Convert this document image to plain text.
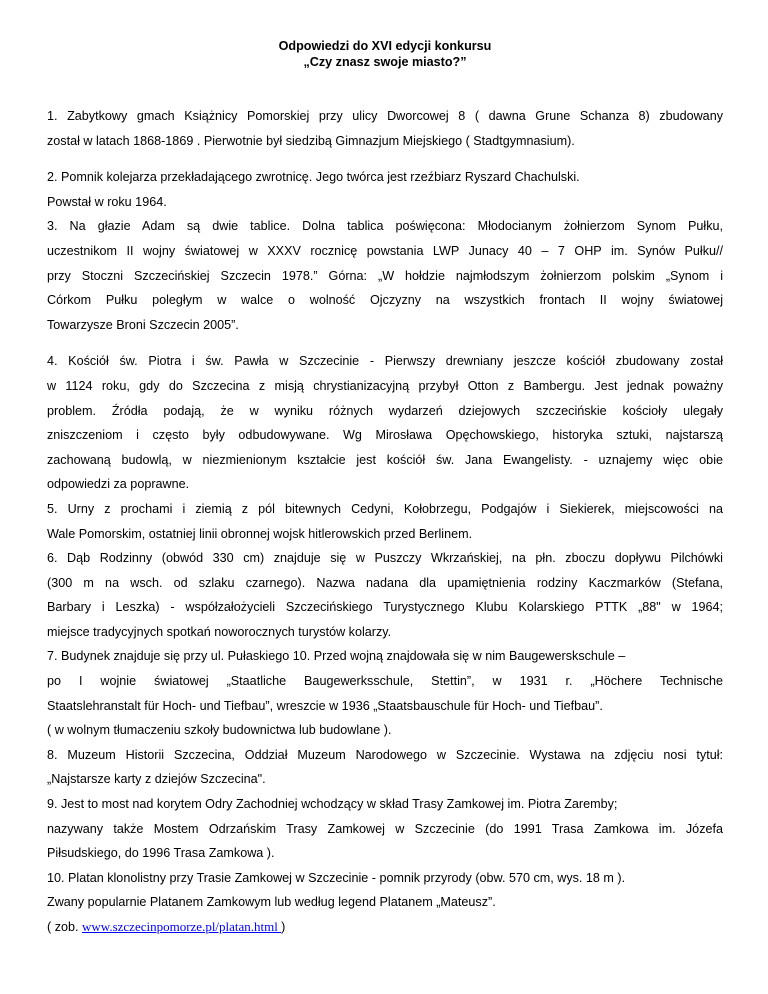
Odpowiedzi do XVI edycji konkursu
„Czy znasz swoje miasto?”
1. Zabytkowy gmach Książnicy Pomorskiej przy ulicy Dworcowej 8 ( dawna Grune Schanza 8) zbudowany
został w latach 1868-1869 . Pierwotnie był siedzibą Gimnazjum Miejskiego ( Stadtgymnasium).
2. Pomnik kolejarza przekładającego zwrotnicę. Jego twórca jest rzeźbiarz Ryszard Chachulski.
Powstał w roku 1964.
3. Na głazie Adam są dwie tablice. Dolna tablica poświęcona: Młodocianym żołnierzom Synom Pułku,
uczestnikom II wojny światowej w XXXV rocznicę powstania LWP Junacy 40 – 7 OHP im. Synów Pułku//
przy Stoczni Szczecińskiej Szczecin 1978.” Górna: „W hołdzie najmłodszym żołnierzom polskim „Synom i
Córkom Pułku poległym w walce o wolność Ojczyzny na wszystkich frontach II wojny światowej
Towarzysze Broni Szczecin 2005”.
4. Kościół św. Piotra i św. Pawła w Szczecinie - Pierwszy drewniany jeszcze kościół zbudowany został
w 1124 roku, gdy do Szczecina z misją chrystianizacyjną przybył Otton z Bambergu. Jest jednak poważny
problem. Źródła podają, że w wyniku różnych wydarzeń dziejowych szczecińskie kościoły ulegały
zniszczeniom i często były odbudowywane. Wg Mirosława Opęchowskiego, historyka sztuki, najstarszą
zachowaną budowlą, w niezmienionym kształcie jest kościół św. Jana Ewangelisty. - uznajemy więc obie
odpowiedzi za poprawne.
5. Urny z prochami i ziemią z pól bitewnych Cedyni, Kołobrzegu, Podgajów i Siekierek, miejscowości na
Wale Pomorskim, ostatniej linii obronnej wojsk hitlerowskich przed Berlinem.
6. Dąb Rodzinny (obwód 330 cm) znajduje się w Puszczy Wkrzańskiej, na płn. zboczu dopływu Pilchówki
(300 m na wsch. od szlaku czarnego). Nazwa nadana dla upamiętnienia rodziny Kaczmarków (Stefana,
Barbary i Leszka) - współzałożycieli Szczecińskiego Turystycznego Klubu Kolarskiego PTTK „88" w 1964;
miejsce tradycyjnych spotkań noworocznych turystów kolarzy.
7. Budynek znajduje się przy ul. Pułaskiego 10. Przed wojną znajdowała się w nim Baugewerskschule –
po I wojnie światowej „Staatliche Baugewerksschule, Stettin”, w 1931 r. „Höchere Technische
Staatslehranstalt für Hoch- und Tiefbau”, wreszcie w 1936 „Staatsbauschule für Hoch- und Tiefbau”.
( w wolnym tłumaczeniu szkoły budownictwa lub budowlane ).
8. Muzeum Historii Szczecina, Oddział Muzeum Narodowego w Szczecinie. Wystawa na zdjęciu nosi tytuł:
„Najstarsze karty z dziejów Szczecina".
9. Jest to most nad korytem Odry Zachodniej wchodzący w skład Trasy Zamkowej im. Piotra Zaremby;
nazywany także Mostem Odrzańskim Trasy Zamkowej w Szczecinie (do 1991 Trasa Zamkowa im. Józefa
Piłsudskiego, do 1996 Trasa Zamkowa ).
10. Platan klonolistny przy Trasie Zamkowej w Szczecinie - pomnik przyrody (obw. 570 cm, wys. 18 m ).
Zwany popularnie Platanem Zamkowym lub według legend Platanem „Mateusz”.
( zob. www.szczecinpomorze.pl/platan.html )
